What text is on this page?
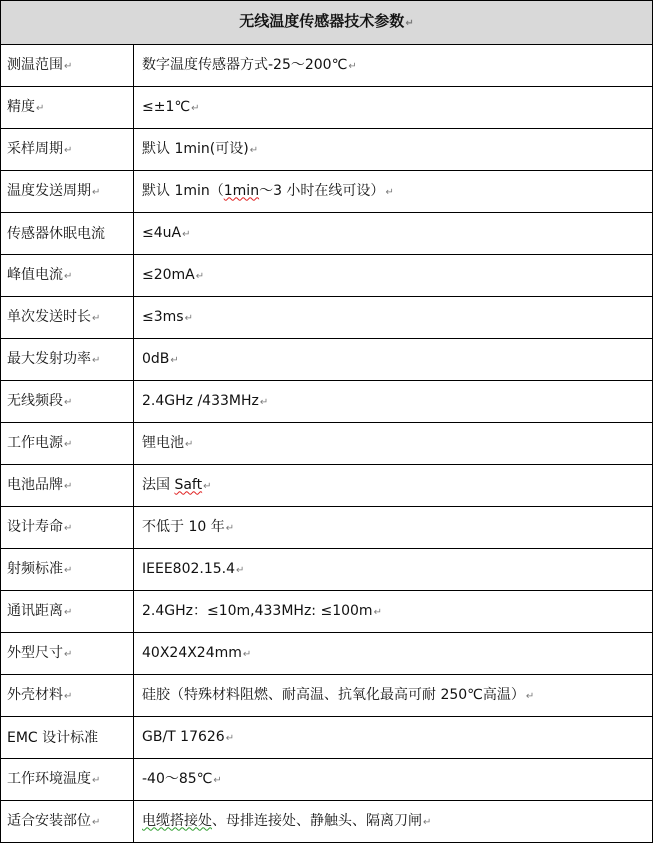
无线温度传感器技术参数↵	
测温范围↵	数字温度传感器方式-25～200℃↵
精度↵	≤±1℃↵
采样周期↵	默认 1min(可设)↵
温度发送周期↵	默认 1min（1min～3 小时在线可设）↵
传感器休眠电流	≤4uA↵
峰值电流↵	≤20mA↵
单次发送时长↵	≤3ms↵
最大发射功率↵	0dB↵
无线频段↵	2.4GHz /433MHz↵
工作电源↵	锂电池↵
电池品牌↵	法国 Saft↵
设计寿命↵	不低于 10 年↵
射频标准↵	IEEE802.15.4↵
通讯距离↵	2.4GHz：≤10m,433MHz: ≤100m↵
外型尺寸↵	40X24X24mm↵
外壳材料↵	硅胶（特殊材料阻燃、耐高温、抗氧化最高可耐 250℃高温）↵
EMC 设计标准	GB/T 17626↵
工作环境温度↵	-40～85℃↵
适合安装部位↵	电缆搭接处、母排连接处、静触头、隔离刀闸↵
